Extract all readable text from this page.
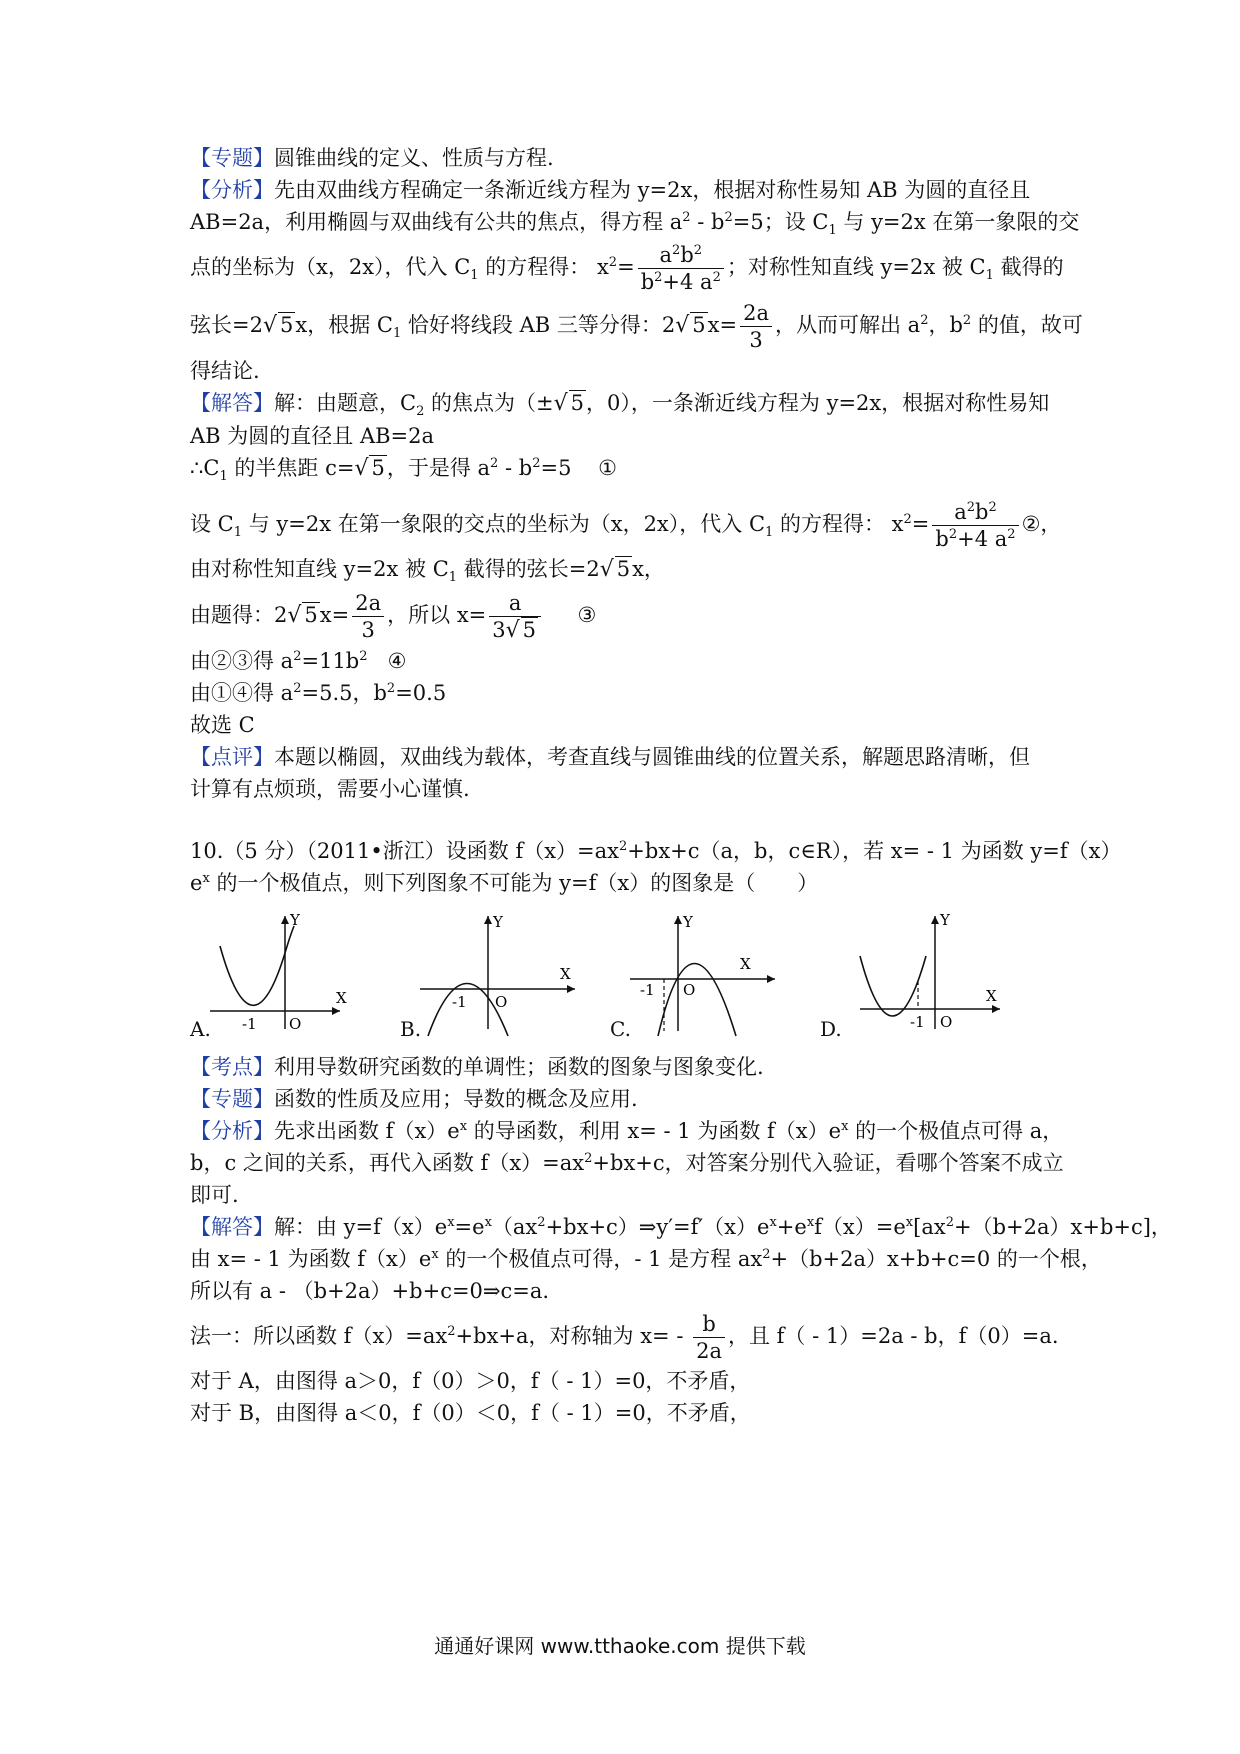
【专题】圆锥曲线的定义、性质与方程.
【分析】先由双曲线方程确定一条渐近线方程为 y=2x，根据对称性易知 AB 为圆的直径且
AB=2a，利用椭圆与双曲线有公共的焦点，得方程 $a^2 - b^2=5$；设 $C_1$ 与 y=2x 在第一象限的交
点的坐标为（x，2x），代入 $C_1$ 的方程得： $x^2= \frac{a^2b^2}{b^2+4 a^2}$ ；对称性知直线 y=2x 被 $C_1$ 截得的
弦长=2√ 5x，根据 $C_1$ 恰好将线段 AB 三等分得：2√ $5x= \frac{2a}{3}$ ，从而可解出 $a^2$，$b^2$ 的值，故可
得结论.
【解答】解：由题意，$C_2$ 的焦点为（±√ 5，0），一条渐近线方程为 y=2x，根据对称性易知
AB 为圆的直径且 AB=2a
$\therefore C_1$ 的半焦距 c=√ 5，于是得 $a^2 - b^2=5$ ①
设 $C_1$ 与 y=2x 在第一象限的交点的坐标为（x，2x），代入 $C_1$ 的方程得： $x^2= \frac{a^2b^2}{b^2+4 a^2}$ ②，
由对称性知直线 y=2x 被 $C_1$ 截得的弦长=2√ 5x，
由题得：2√ $5x= \frac{2a}{3}$ ，所以 $x= \frac{a}{3√ 5}$ ③
由②③得 $a^2=11b^2$ ④
由①④得 $a^2=5.5$，$b^2=0.5$
故选 C
【点评】本题以椭圆，双曲线为载体，考查直线与圆锥曲线的位置关系，解题思路清晰，但
计算有点烦琐，需要小心谨慎.
10.（5 分）（2011•浙江）设函数 $f(x)=ax^2+bx+c(a$，b，c∈R），若 x= - 1 为函数 y=f（x）
$e^x$ 的一个极值点，则下列图象不可能为 y=f（x）的图象是（　　）
Y
X
O
-1
A.
Y
X
O
-1
B.
Y
X
O
-1
C.
Y
X
O
-1
D.
【考点】利用导数研究函数的单调性；函数的图象与图象变化.
【专题】函数的性质及应用；导数的概念及应用.
【分析】先求出函数 $f(x)e^x$ 的导函数，利用 x= - 1 为函数 $f(x)e^x$ 的一个极值点可得 a，
b，c 之间的关系，再代入函数 $f(x)=ax^2+bx+c$，对答案分别代入验证，看哪个答案不成立
即可.
【解答】解：由 $y=f(x)e^x=e^x(ax^2+bx+c)\Rightarrow y'=f'(x)e^x+e^xf(x)=e^x[ax^2+(b+2a)x+b+c]$，
由 x= - 1 为函数 $f(x)e^x$ 的一个极值点可得，- 1 是方程 $ax^2+(b+2a)x+b+c=0$ 的一个根，
所以有 a - （b+2a）+b+c=0⇒c=a.
法一：所以函数 $f(x)=ax^2+bx+a$，对称轴为 $x= - \frac{b}{2a}$ ，且 f（ - 1）=2a - b，f（0）=a.
对于 A，由图得 a＞0，f（0）＞0，f（ - 1）=0，不矛盾，
对于 B，由图得 a＜0，f（0）＜0，f（ - 1）=0，不矛盾，
通通好课网 www.tthaoke.com 提供下载
